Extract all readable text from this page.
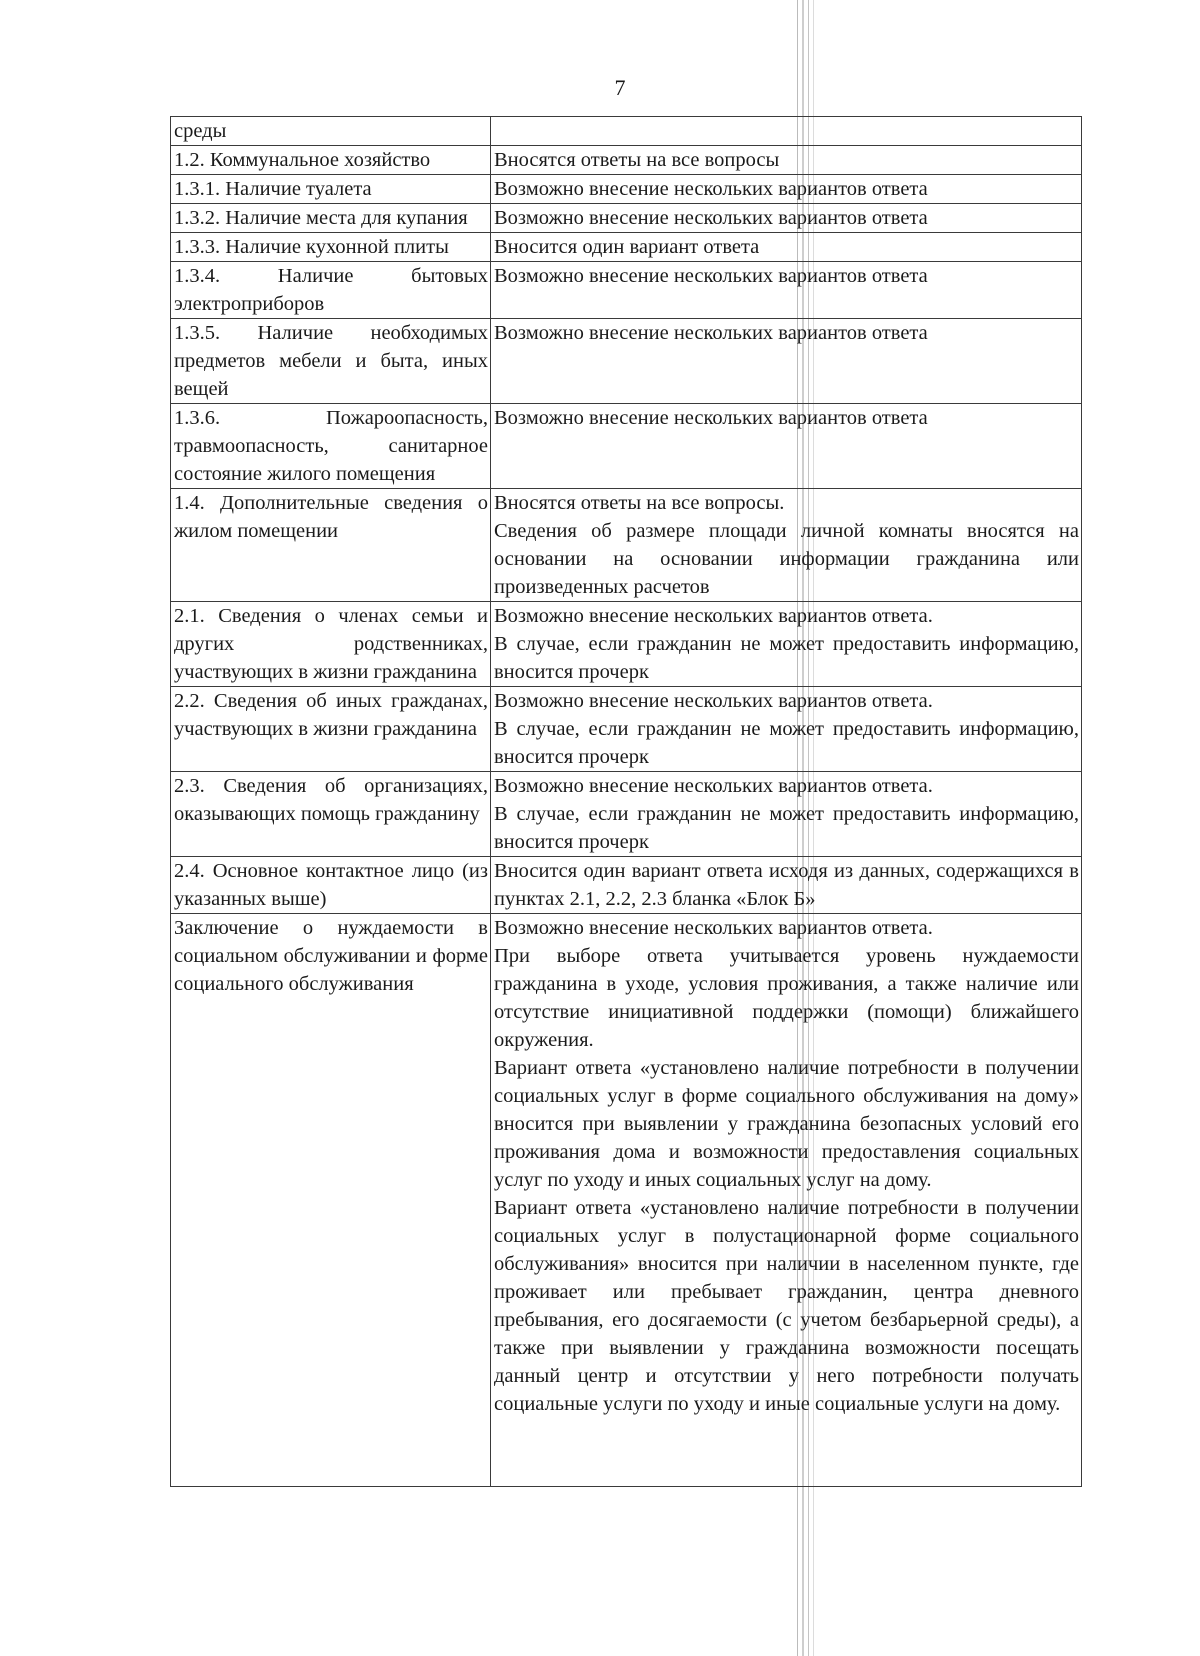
7
среды	

1.2. Коммунальное хозяйство	Вносятся ответы на все вопросы

1.3.1. Наличие туалета	Возможно внесение нескольких вариантов ответа

1.3.2. Наличие места для купания	Возможно внесение нескольких вариантов ответа

1.3.3. Наличие кухонной плиты	Вносится один вариант ответа

1.3.4. Наличие бытовых электроприборов	Возможно внесение нескольких вариантов ответа

1.3.5. Наличие необходимых предметов мебели и быта, иных вещей	Возможно внесение нескольких вариантов ответа

1.3.6. Пожароопасность, травмоопасность, санитарное состояние жилого помещения	Возможно внесение нескольких вариантов ответа

1.4. Дополнительные сведения о жилом помещении	Вносятся ответы на все вопросы.

Сведения об размере площади личной комнаты вносятся на основании на основании информации гражданина или произведенных расчетов

2.1. Сведения о членах семьи и других родственниках, участвующих в жизни гражданина	Возможно внесение нескольких вариантов ответа.

В случае, если гражданин не может предоставить информацию, вносится прочерк

2.2. Сведения об иных гражданах, участвующих в жизни гражданина	Возможно внесение нескольких вариантов ответа.

В случае, если гражданин не может предоставить информацию, вносится прочерк

2.3. Сведения об организациях, оказывающих помощь гражданину	Возможно внесение нескольких вариантов ответа.

В случае, если гражданин не может предоставить информацию, вносится прочерк

2.4. Основное контактное лицо (из указанных выше)	Вносится один вариант ответа исходя из данных, содержащихся в пунктах 2.1, 2.2, 2.3 бланка «Блок Б»

Заключение о нуждаемости в социальном обслуживании и форме социального обслуживания	Возможно внесение нескольких вариантов ответа.

При выборе ответа учитывается уровень нуждаемости гражданина в уходе, условия проживания, а также наличие или отсутствие инициативной поддержки (помощи) ближайшего окружения.

Вариант ответа «установлено наличие потребности в получении социальных услуг в форме социального обслуживания на дому» вносится при выявлении у гражданина безопасных условий его проживания дома и возможности предоставления социальных услуг по уходу и иных социальных услуг на дому.

Вариант ответа «установлено наличие потребности в получении социальных услуг в полустационарной форме социального обслуживания» вносится при наличии в населенном пункте, где проживает или пребывает гражданин, центра дневного пребывания, его досягаемости (с учетом безбарьерной среды), а также при выявлении у гражданина возможности посещать данный центр и отсутствии у него потребности получать социальные услуги по уходу и иные социальные услуги на дому.
